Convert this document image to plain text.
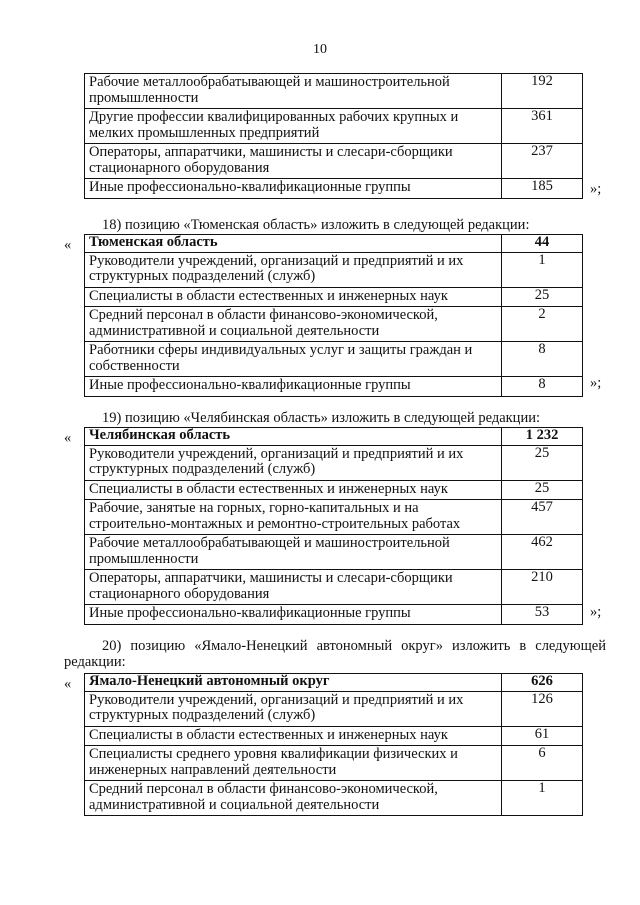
10
Рабочие металлообрабатывающей и машиностроительной промышленности	192
Другие профессии квалифицированных рабочих крупных и мелких промышленных предприятий	361
Операторы, аппаратчики, машинисты и слесари-сборщики стационарного оборудования	237
Иные профессионально-квалификационные группы	185	»;
18) позицию «Тюменская область» изложить в следующей редакции:
« Тюменская область	44
Руководители учреждений, организаций и предприятий и их структурных подразделений (служб)	1
Специалисты в области естественных и инженерных наук	25
Средний персонал в области финансово-экономической, административной и социальной деятельности	2
Работники сферы индивидуальных услуг и защиты граждан и собственности	8
Иные профессионально-квалификационные группы	8	»;
19) позицию «Челябинская область» изложить в следующей редакции:
« Челябинская область	1 232
Руководители учреждений, организаций и предприятий и их структурных подразделений (служб)	25
Специалисты в области естественных и инженерных наук	25
Рабочие, занятые на горных, горно-капитальных и на строительно-монтажных и ремонтно-строительных работах	457
Рабочие металлообрабатывающей и машиностроительной промышленности	462
Операторы, аппаратчики, машинисты и слесари-сборщики стационарного оборудования	210
Иные профессионально-квалификационные группы	53	»;
20) позицию «Ямало-Ненецкий автономный округ» изложить в следующей
редакции:
« Ямало-Ненецкий автономный округ	626
Руководители учреждений, организаций и предприятий и их структурных подразделений (служб)	126
Специалисты в области естественных и инженерных наук	61
Специалисты среднего уровня квалификации физических и инженерных направлений деятельности	6
Средний персонал в области финансово-экономической, административной и социальной деятельности	1
